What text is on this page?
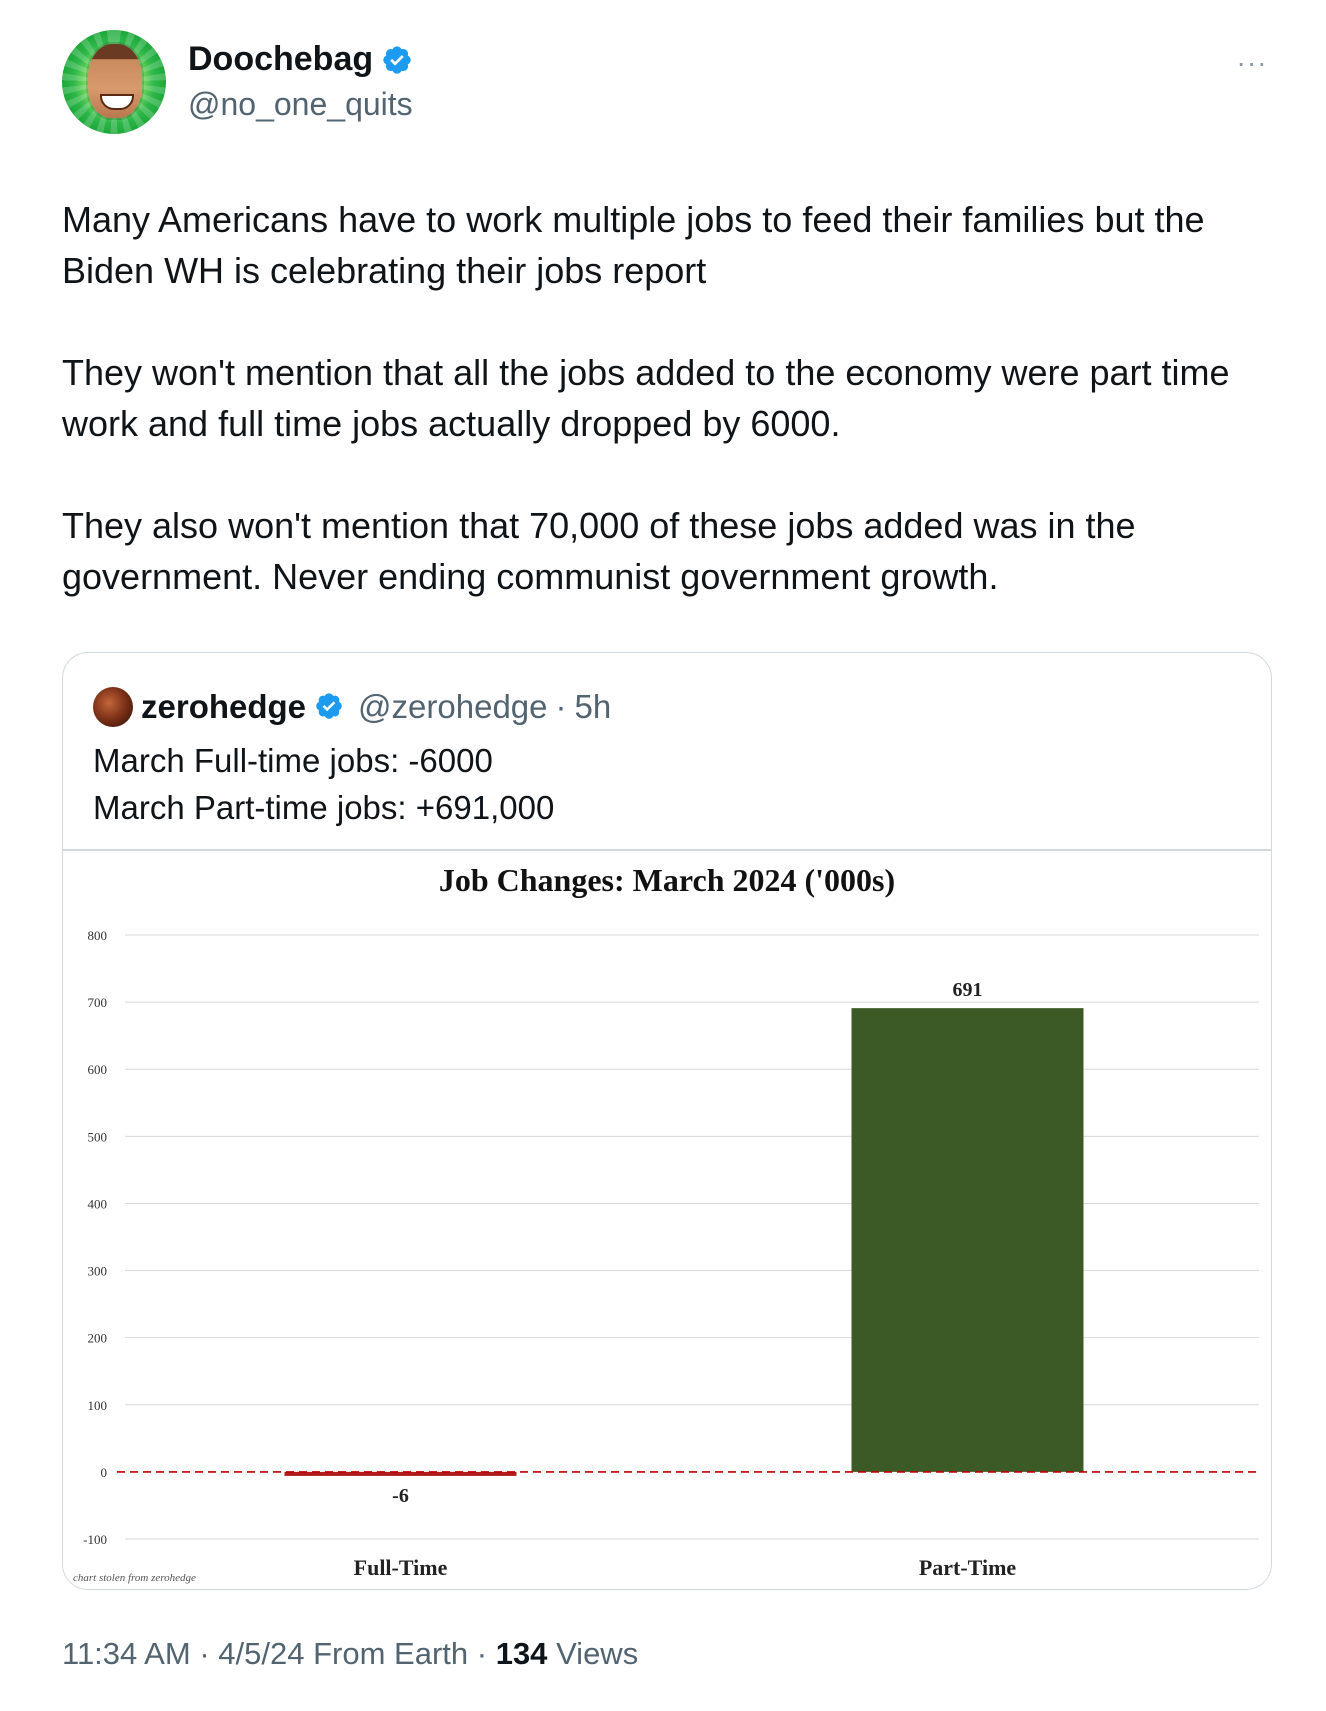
Doochebag
@no_one_quits
···

Many Americans have to work multiple jobs to feed their families but the Biden WH is celebrating their jobs report

They won't mention that all the jobs added to the economy were part time work and full time jobs actually dropped by 6000.

They also won't mention that 70,000 of these jobs added was in the government. Never ending communist government growth.

zerohedge @zerohedge · 5h
March Full-time jobs: -6000
March Part-time jobs: +691,000
Job Changes: March 2024 ('000s)
800
700
600
500
400
300
200
100
0
-100
-6
Full-Time
691
Part-Time
chart stolen from zerohedge
11:34 AM · 4/5/24 From Earth · 134 Views
